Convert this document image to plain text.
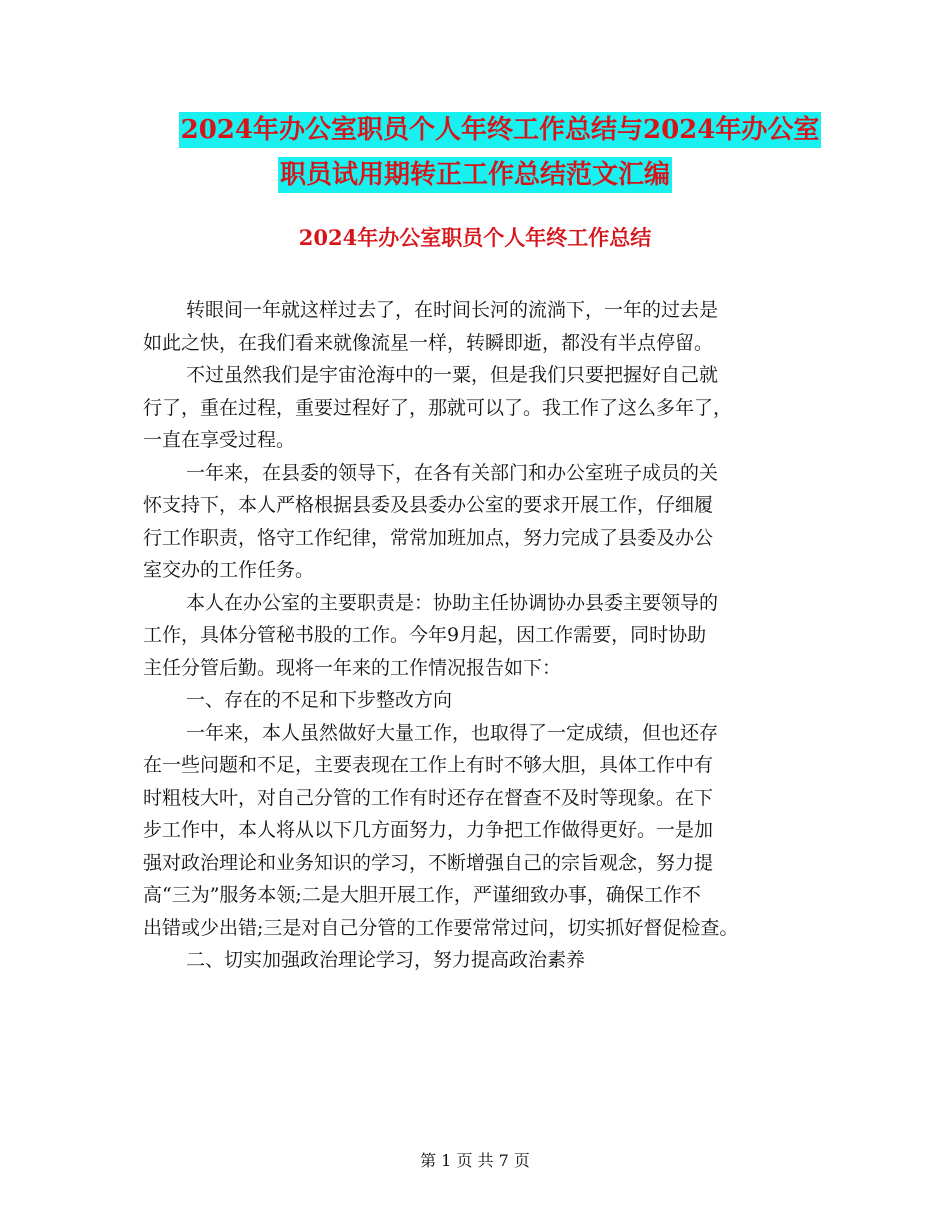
2024年办公室职员个人年终工作总结与2024年办公室
职员试用期转正工作总结范文汇编
2024年办公室职员个人年终工作总结
转眼间一年就这样过去了，在时间长河的流淌下，一年的过去是
如此之快，在我们看来就像流星一样，转瞬即逝，都没有半点停留。
不过虽然我们是宇宙沧海中的一粟，但是我们只要把握好自己就
行了，重在过程，重要过程好了，那就可以了。我工作了这么多年了，
一直在享受过程。
一年来，在县委的领导下，在各有关部门和办公室班子成员的关
怀支持下，本人严格根据县委及县委办公室的要求开展工作，仔细履
行工作职责，恪守工作纪律，常常加班加点，努力完成了县委及办公
室交办的工作任务。
本人在办公室的主要职责是：协助主任协调协办县委主要领导的
工作，具体分管秘书股的工作。今年9月起，因工作需要，同时协助
主任分管后勤。现将一年来的工作情况报告如下：
一、存在的不足和下步整改方向
一年来，本人虽然做好大量工作，也取得了一定成绩，但也还存
在一些问题和不足，主要表现在工作上有时不够大胆，具体工作中有
时粗枝大叶，对自己分管的工作有时还存在督查不及时等现象。在下
步工作中，本人将从以下几方面努力，力争把工作做得更好。一是加
强对政治理论和业务知识的学习，不断增强自己的宗旨观念，努力提
高“三为”服务本领;二是大胆开展工作，严谨细致办事，确保工作不
出错或少出错;三是对自己分管的工作要常常过问，切实抓好督促检查。
二、切实加强政治理论学习，努力提高政治素养
第 1 页 共 7 页
